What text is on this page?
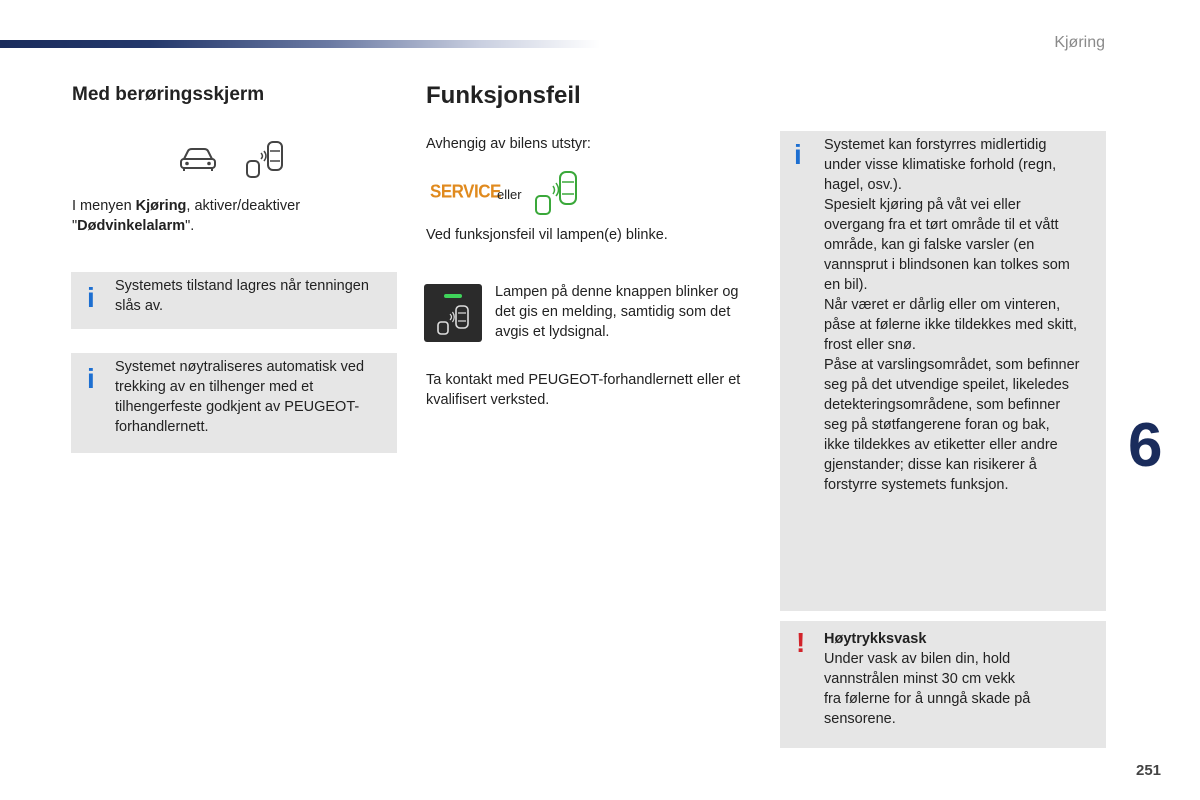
Kjøring
Med berøringsskjerm

I menyen Kjøring, aktiver/deaktiver "Dødvinkelalarm".

i Systemets tilstand lagres når tenningen slås av.
i Systemet nøytraliseres automatisk ved trekking av en tilhenger med et tilhengerfeste godkjent av PEUGEOT-forhandlernett.
Funksjonsfeil

Avhengig av bilens utstyr:

SERVICE
eller

Ved funksjonsfeil vil lampen(e) blinke.

Lampen på denne knappen blinker og det gis en melding, samtidig som det avgis et lydsignal.

Ta kontakt med PEUGEOT-forhandlernett eller et kvalifisert verksted.

i Systemet kan forstyrres midlertidig
under visse klimatiske forhold (regn,
hagel, osv.).
Spesielt kjøring på våt vei eller
overgang fra et tørt område til et vått
område, kan gi falske varsler (en
vannsprut i blindsonen kan tolkes som
en bil).
Når været er dårlig eller om vinteren,
påse at følerne ikke tildekkes med skitt,
frost eller snø.
Påse at varslingsområdet, som befinner
seg på det utvendige speilet, likeledes
detekteringsområdene, som befinner
seg på støtfangerene foran og bak,
ikke tildekkes av etiketter eller andre
gjenstander; disse kan risikerer å
forstyrre systemets funksjon.
! Høytrykksvask
Under vask av bilen din, hold
vannstrålen minst 30 cm vekk
fra følerne for å unngå skade på
sensorene.
6
251
